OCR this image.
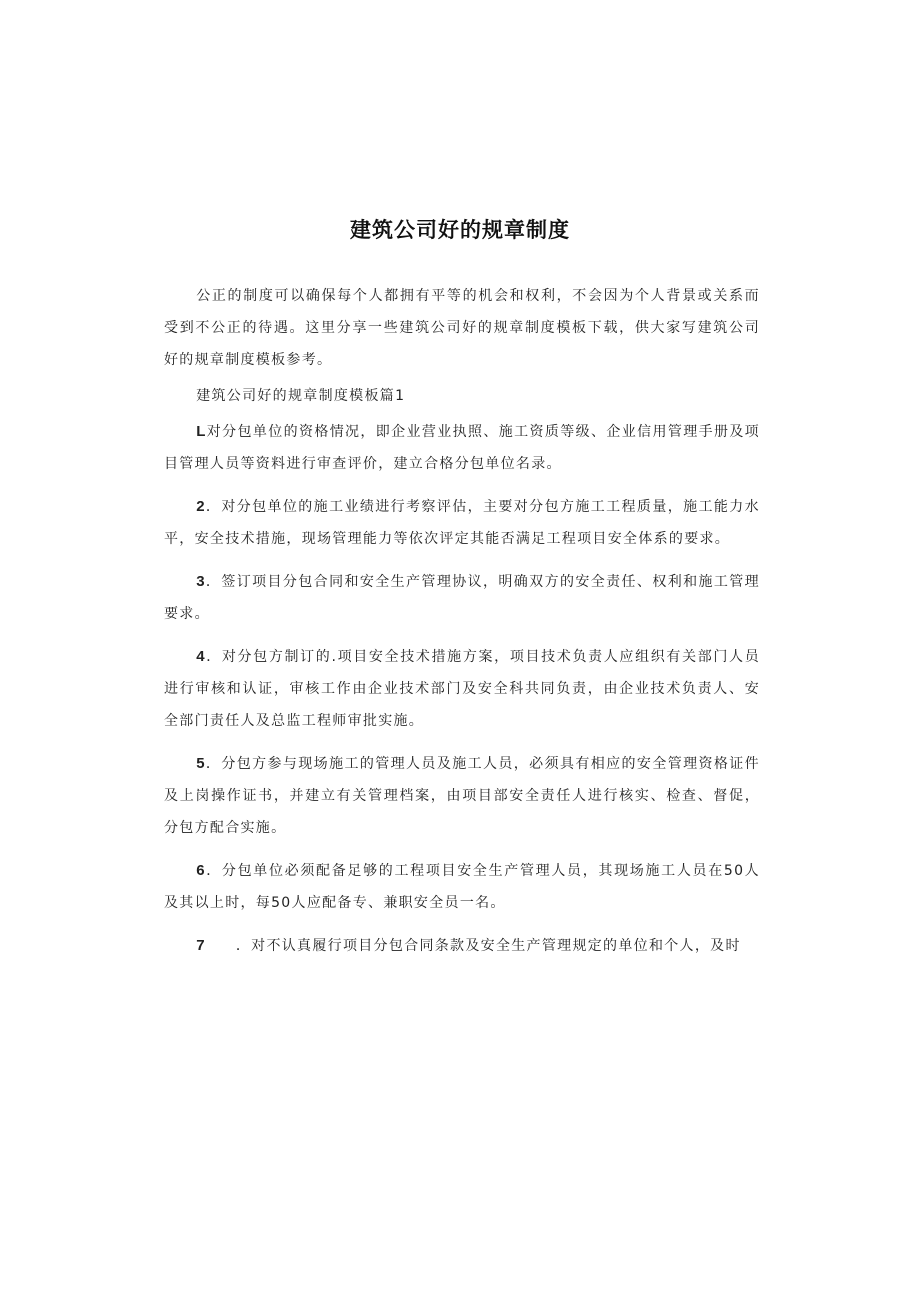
建筑公司好的规章制度

公正的制度可以确保每个人都拥有平等的机会和权利，不会因为个人背景或关系而受到不公正的待遇。这里分享一些建筑公司好的规章制度模板下载，供大家写建筑公司好的规章制度模板参考。

建筑公司好的规章制度模板篇1

L对分包单位的资格情况，即企业营业执照、施工资质等级、企业信用管理手册及项目管理人员等资料进行审查评价，建立合格分包单位名录。

2．对分包单位的施工业绩进行考察评估，主要对分包方施工工程质量，施工能力水平，安全技术措施，现场管理能力等依次评定其能否满足工程项目安全体系的要求。

3．签订项目分包合同和安全生产管理协议，明确双方的安全责任、权利和施工管理要求。

4．对分包方制订的.项目安全技术措施方案，项目技术负责人应组织有关部门人员进行审核和认证，审核工作由企业技术部门及安全科共同负责，由企业技术负责人、安全部门责任人及总监工程师审批实施。

5．分包方参与现场施工的管理人员及施工人员，必须具有相应的安全管理资格证件及上岗操作证书，并建立有关管理档案，由项目部安全责任人进行核实、检查、督促，分包方配合实施。

6．分包单位必须配备足够的工程项目安全生产管理人员，其现场施工人员在50人及其以上时，每50人应配备专、兼职安全员一名。

7 ．对不认真履行项目分包合同条款及安全生产管理规定的单位和个人，及时
